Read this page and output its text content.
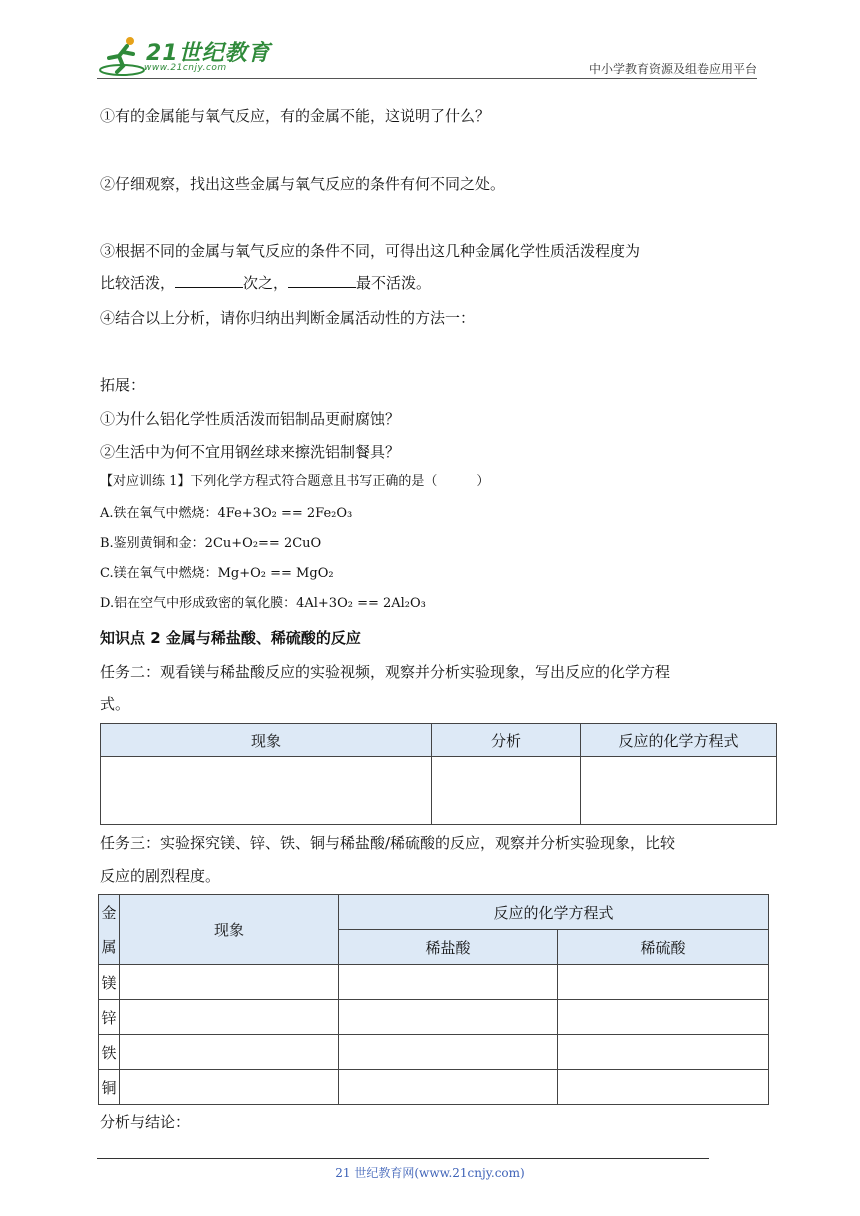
21世纪教育
www.21cnjy.com	中小学教育资源及组卷应用平台
①有的金属能与氧气反应，有的金属不能，这说明了什么？
②仔细观察，找出这些金属与氧气反应的条件有何不同之处。
③根据不同的金属与氧气反应的条件不同，可得出这几种金属化学性质活泼程度为
比较活泼，	次之，	最不活泼。
④结合以上分析，请你归纳出判断金属活动性的方法一：
拓展：
①为什么铝化学性质活泼而铝制品更耐腐蚀？
②生活中为何不宜用钢丝球来擦洗铝制餐具？
【对应训练 1】下列化学方程式符合题意且书写正确的是（　　　）
A.铁在氧气中燃烧：4Fe+3O₂ == 2Fe₂O₃
B.鉴别黄铜和金：2Cu+O₂== 2CuO
C.镁在氧气中燃烧：Mg+O₂ == MgO₂
D.铝在空气中形成致密的氧化膜：4Al+3O₂ == 2Al₂O₃
知识点 2 金属与稀盐酸、稀硫酸的反应
任务二：观看镁与稀盐酸反应的实验视频，观察并分析实验现象，写出反应的化学方程
式。
现象	分析	反应的化学方程式

任务三：实验探究镁、锌、铁、铜与稀盐酸/稀硫酸的反应，观察并分析实验现象，比较
反应的剧烈程度。
金
属	现象	反应的化学方程式	
		稀盐酸	稀硫酸
镁			
锌			
铁			
铜			
分析与结论：
21 世纪教育网(www.21cnjy.com)
